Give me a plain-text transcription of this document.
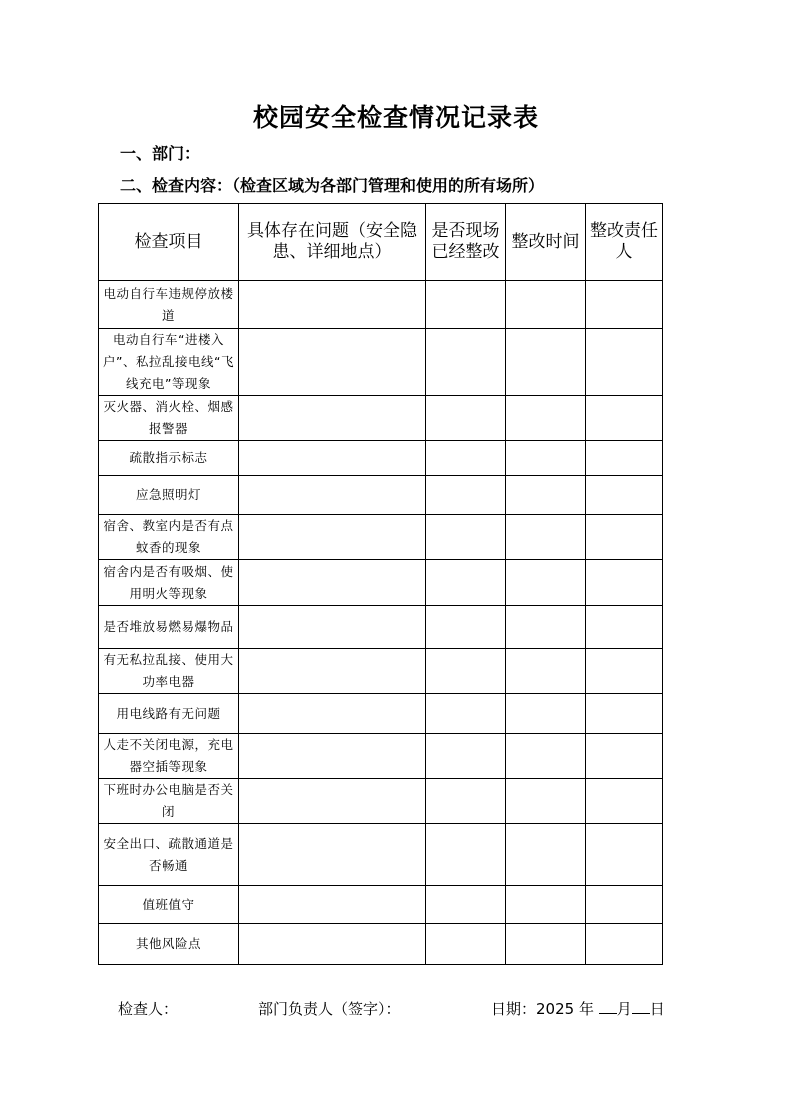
校园安全检查情况记录表
一、部门：
二、检查内容：（检查区域为各部门管理和使用的所有场所）
检查项目	具体存在问题（安全隐患、详细地点）	是否现场已经整改	整改时间	整改责任人
电动自行车违规停放楼道				
电动自行车“进楼入户”、私拉乱接电线“飞线充电”等现象				
灭火器、消火栓、烟感报警器				
疏散指示标志				
应急照明灯				
宿舍、教室内是否有点蚊香的现象				
宿舍内是否有吸烟、使用明火等现象				
是否堆放易燃易爆物品				
有无私拉乱接、使用大功率电器				
用电线路有无问题				
人走不关闭电源，充电器空插等现象				
下班时办公电脑是否关闭				
安全出口、疏散通道是否畅通				
值班值守				
其他风险点				
检查人：	部门负责人（签字）：	日期：2025 年 月 日
